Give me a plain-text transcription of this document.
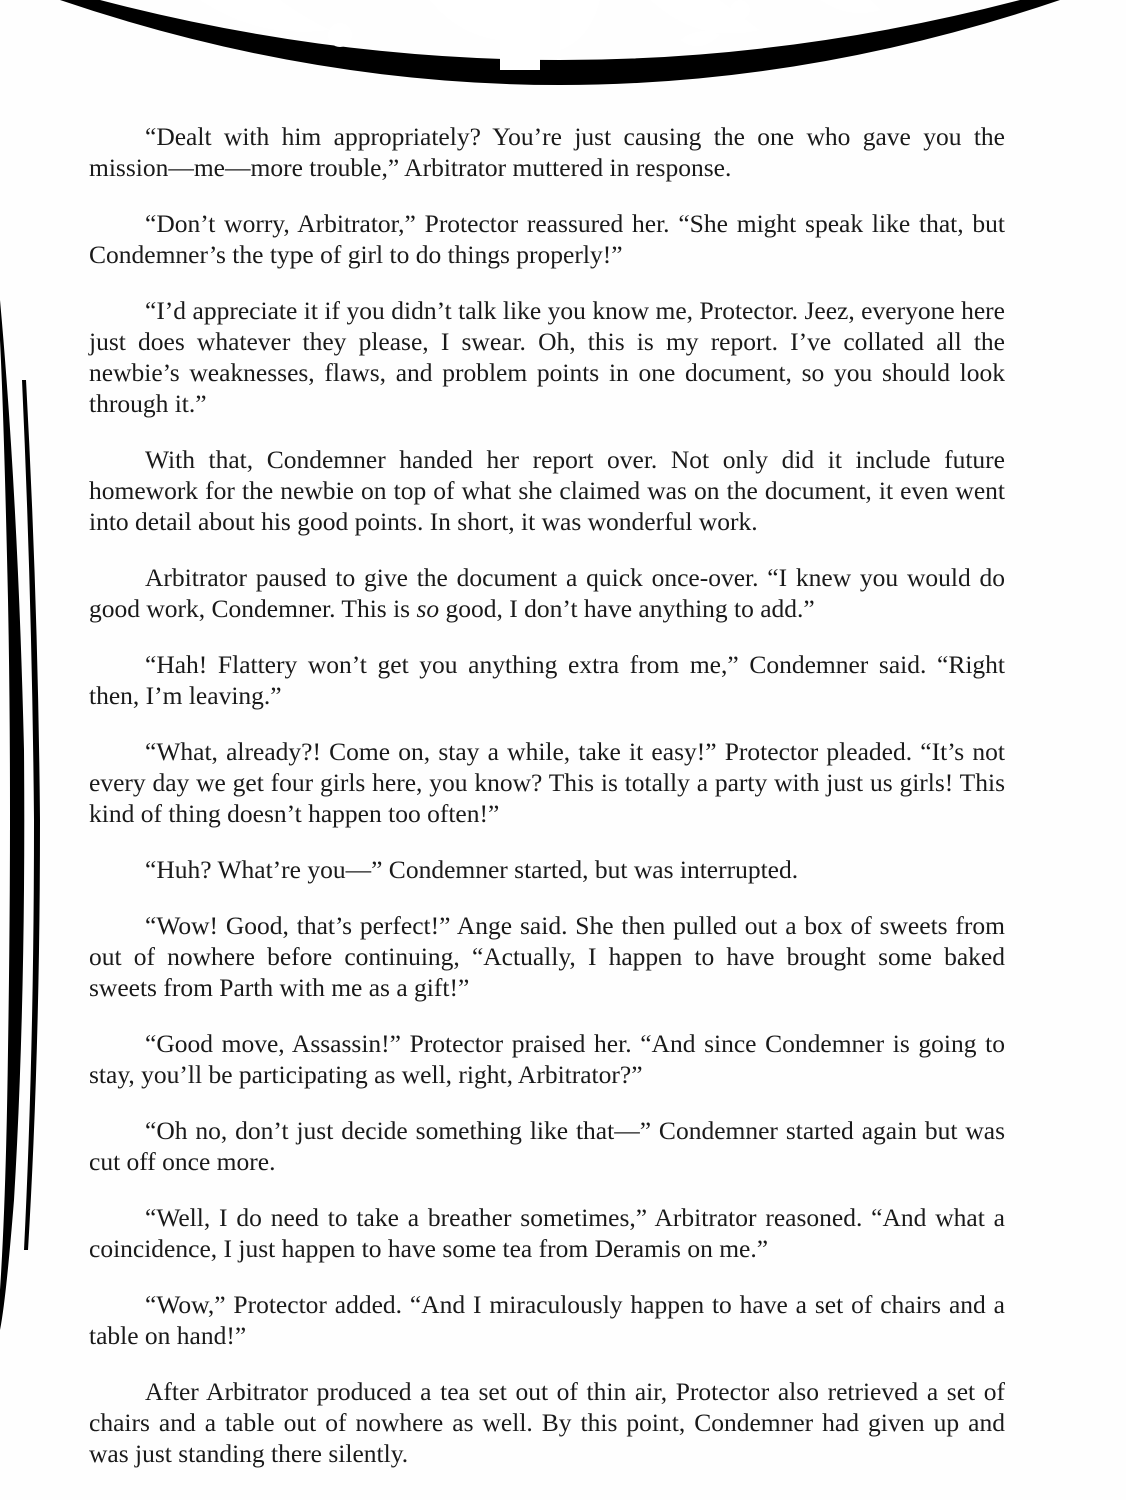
“Dealt with him appropriately? You’re just causing the one who gave you the mission—me—more trouble,” Arbitrator muttered in response.

“Don’t worry, Arbitrator,” Protector reassured her. “She might speak like that, but Condemner’s the type of girl to do things properly!”

“I’d appreciate it if you didn’t talk like you know me, Protector. Jeez, everyone here just does whatever they please, I swear. Oh, this is my report. I’ve collated all the newbie’s weaknesses, flaws, and problem points in one document, so you should look through it.”

With that, Condemner handed her report over. Not only did it include future homework for the newbie on top of what she claimed was on the document, it even went into detail about his good points. In short, it was wonderful work.

Arbitrator paused to give the document a quick once-over. “I knew you would do good work, Condemner. This is so good, I don’t have anything to add.”

“Hah! Flattery won’t get you anything extra from me,” Condemner said. “Right then, I’m leaving.”

“What, already?! Come on, stay a while, take it easy!” Protector pleaded. “It’s not every day we get four girls here, you know? This is totally a party with just us girls! This kind of thing doesn’t happen too often!”

“Huh? What’re you—” Condemner started, but was interrupted.

“Wow! Good, that’s perfect!” Ange said. She then pulled out a box of sweets from out of nowhere before continuing, “Actually, I happen to have brought some baked sweets from Parth with me as a gift!”

“Good move, Assassin!” Protector praised her. “And since Condemner is going to stay, you’ll be participating as well, right, Arbitrator?”

“Oh no, don’t just decide something like that—” Condemner started again but was cut off once more.

“Well, I do need to take a breather sometimes,” Arbitrator reasoned. “And what a coincidence, I just happen to have some tea from Deramis on me.”

“Wow,” Protector added. “And I miraculously happen to have a set of chairs and a table on hand!”

After Arbitrator produced a tea set out of thin air, Protector also retrieved a set of chairs and a table out of nowhere as well. By this point, Condemner had given up and was just standing there silently.
